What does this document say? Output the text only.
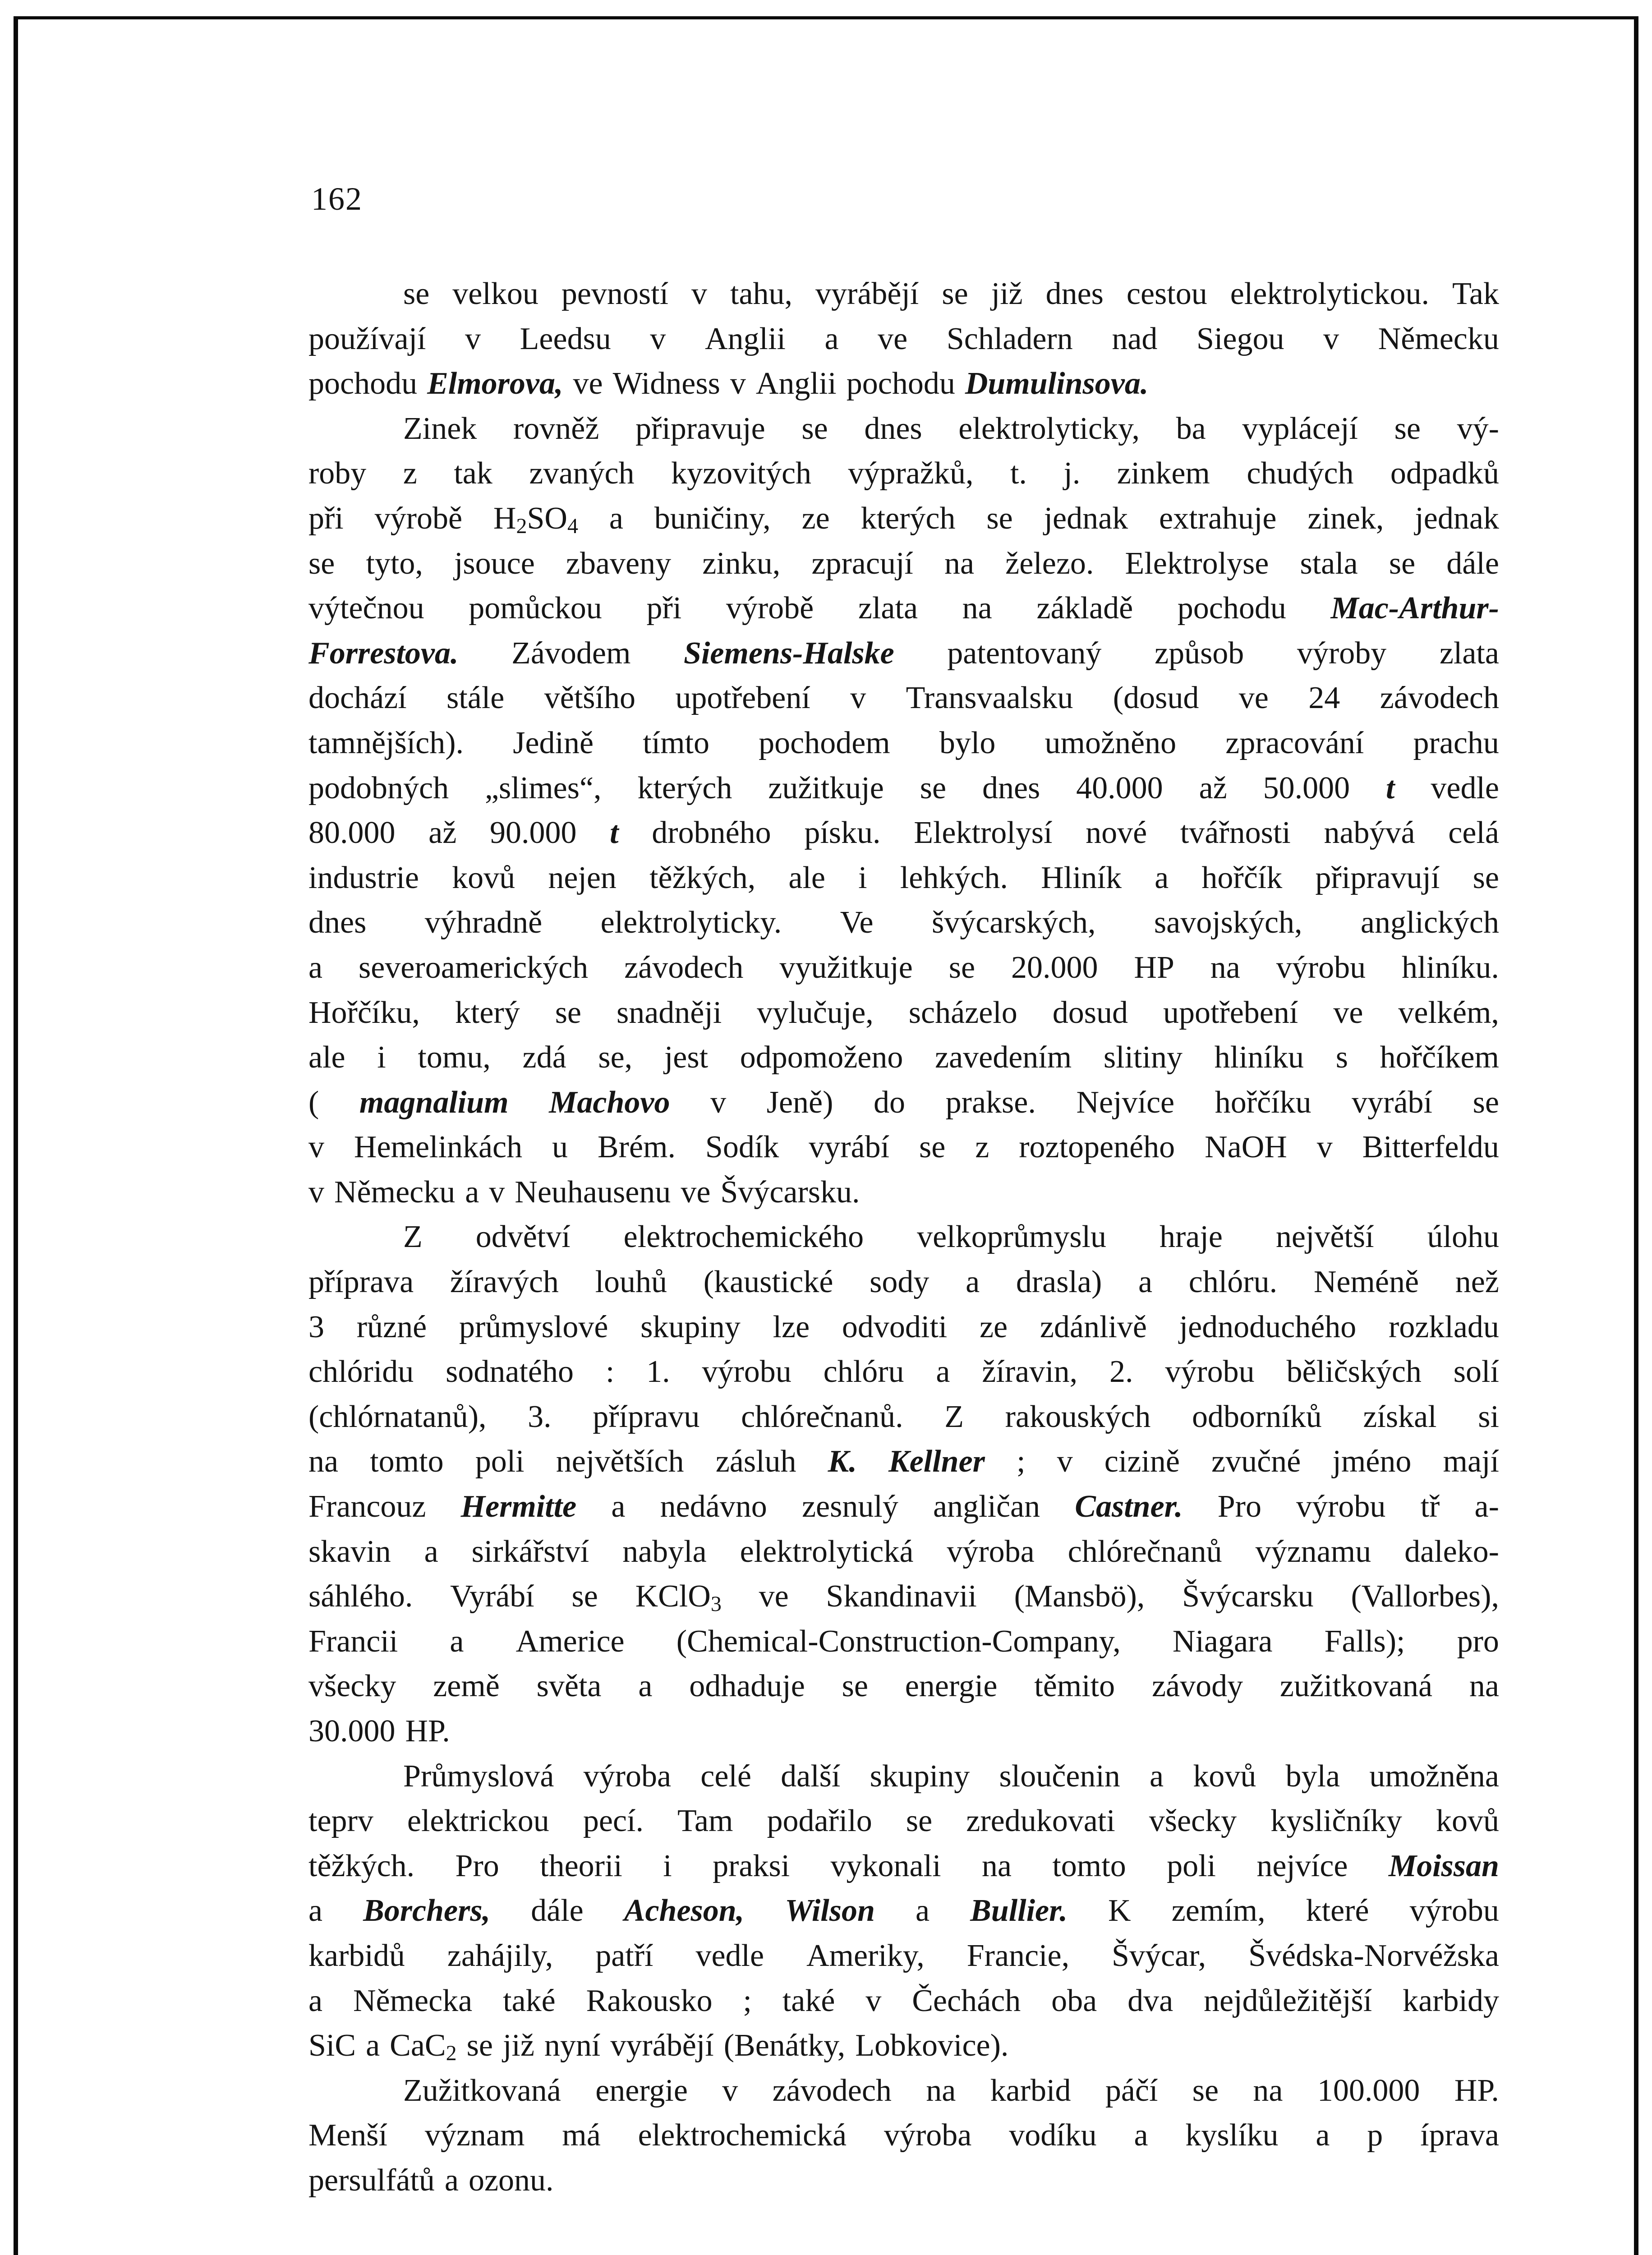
162
se velkou pevností v tahu, vyrábějí se již dnes cestou elektrolytickou. Tak
používají v Leedsu v Anglii a ve Schladern nad Siegou v Německu
pochodu Elmorova, ve Widness v Anglii pochodu Dumulinsova.
Zinek rovněž připravuje se dnes elektrolyticky, ba vyplácejí se vý-
roby z tak zvaných kyzovitých výpražků, t. j. zinkem chudých odpadků
při výrobě $H_2SO_4$ a buničiny, ze kterých se jednak extrahuje zinek, jednak
se tyto, jsouce zbaveny zinku, zpracují na železo. Elektrolyse stala se dále
výtečnou pomůckou při výrobě zlata na základě pochodu Mac-Arthur-
Forrestova. Závodem Siemens-Halske patentovaný způsob výroby zlata
dochází stále většího upotřebení v Transvaalsku (dosud ve 24 závodech
tamnějších). Jedině tímto pochodem bylo umožněno zpracování prachu
podobných „slimes“, kterých zužitkuje se dnes 40.000 až 50.000 t vedle
80.000 až 90.000 t drobného písku. Elektrolysí nové tvářnosti nabývá celá
industrie kovů nejen těžkých, ale i lehkých. Hliník a hořčík připravují se
dnes výhradně elektrolyticky. Ve švýcarských, savojských, anglických
a severoamerických závodech využitkuje se 20.000 HP na výrobu hliníku.
Hořčíku, který se snadněji vylučuje, scházelo dosud upotřebení ve velkém,
ale i tomu, zdá se, jest odpomoženo zavedením slitiny hliníku s hořčíkem
( magnalium Machovo v Jeně) do prakse. Nejvíce hořčíku vyrábí se
v Hemelinkách u Brém. Sodík vyrábí se z roztopeného NaOH v Bitterfeldu
v Německu a v Neuhausenu ve Švýcarsku.
Z odvětví elektrochemického velkoprůmyslu hraje největší úlohu
příprava žíravých louhů (kaustické sody a drasla) a chlóru. Neméně než
3 různé průmyslové skupiny lze odvoditi ze zdánlivě jednoduchého rozkladu
chlóridu sodnatého : 1. výrobu chlóru a žíravin, 2. výrobu běličských solí
(chlórnatanů), 3. přípravu chlórečnanů. Z rakouských odborníků získal si
na tomto poli největších zásluh K. Kellner ; v cizině zvučné jméno mají
Francouz Hermitte a nedávno zesnulý angličan Castner. Pro výrobu tř a-
skavin a sirkářství nabyla elektrolytická výroba chlórečnanů významu daleko-
sáhlého. Vyrábí se KClO$_3$ ve Skandinavii (Mansbö), Švýcarsku (Vallorbes),
Francii a Americe (Chemical-Construction-Company, Niagara Falls); pro
všecky země světa a odhaduje se energie těmito závody zužitkovaná na
30.000 HP.
Průmyslová výroba celé další skupiny sloučenin a kovů byla umožněna
teprv elektrickou pecí. Tam podařilo se zredukovati všecky kysličníky kovů
těžkých. Pro theorii i praksi vykonali na tomto poli nejvíce Moissan
a Borchers, dále Acheson, Wilson a Bullier. K zemím, které výrobu
karbidů zahájily, patří vedle Ameriky, Francie, Švýcar, Švédska-Norvéžska
a Německa také Rakousko ; také v Čechách oba dva nejdůležitější karbidy
SiC a CaC$_2$ se již nyní vyrábějí (Benátky, Lobkovice).
Zužitkovaná energie v závodech na karbid páčí se na 100.000 HP.
Menší význam má elektrochemická výroba vodíku a kyslíku a p íprava
persulfátů a ozonu.
